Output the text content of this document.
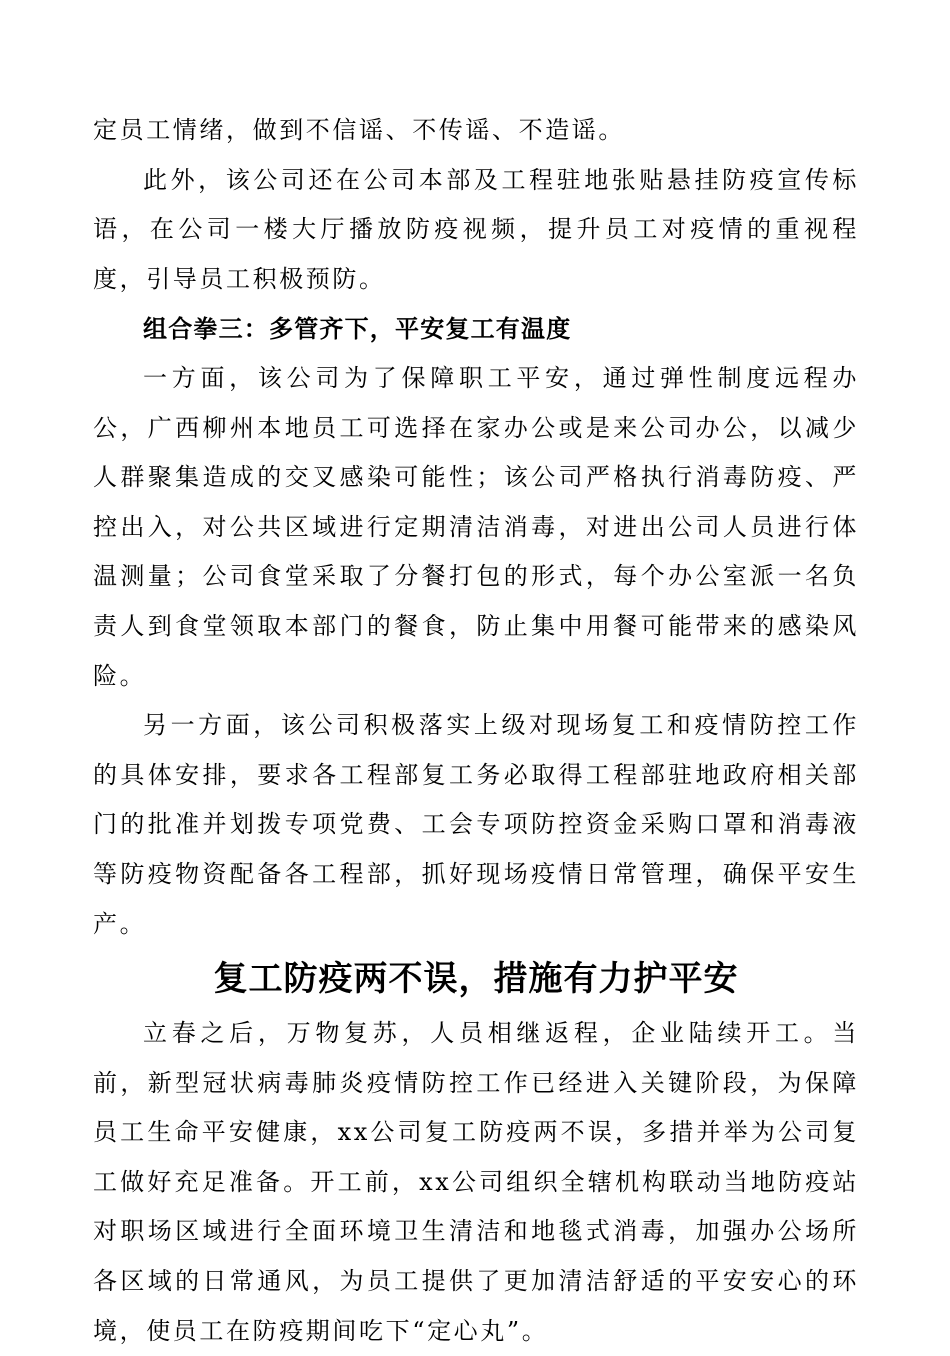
定员工情绪，做到不信谣、不传谣、不造谣。

此外，该公司还在公司本部及工程驻地张贴悬挂防疫宣传标语，在公司一楼大厅播放防疫视频，提升员工对疫情的重视程度，引导员工积极预防。

组合拳三：多管齐下，平安复工有温度

一方面，该公司为了保障职工平安，通过弹性制度远程办公，广西柳州本地员工可选择在家办公或是来公司办公，以减少人群聚集造成的交叉感染可能性；该公司严格执行消毒防疫、严控出入，对公共区域进行定期清洁消毒，对进出公司人员进行体温测量；公司食堂采取了分餐打包的形式，每个办公室派一名负责人到食堂领取本部门的餐食，防止集中用餐可能带来的感染风险。

另一方面，该公司积极落实上级对现场复工和疫情防控工作的具体安排，要求各工程部复工务必取得工程部驻地政府相关部门的批准并划拨专项党费、工会专项防控资金采购口罩和消毒液等防疫物资配备各工程部，抓好现场疫情日常管理，确保平安生产。

复工防疫两不误，措施有力护平安

立春之后，万物复苏，人员相继返程，企业陆续开工。当前，新型冠状病毒肺炎疫情防控工作已经进入关键阶段，为保障员工生命平安健康，xx公司复工防疫两不误，多措并举为公司复工做好充足准备。开工前，xx公司组织全辖机构联动当地防疫站对职场区域进行全面环境卫生清洁和地毯式消毒，加强办公场所各区域的日常通风，为员工提供了更加清洁舒适的平安安心的环境，使员工在防疫期间吃下“定心丸”。
